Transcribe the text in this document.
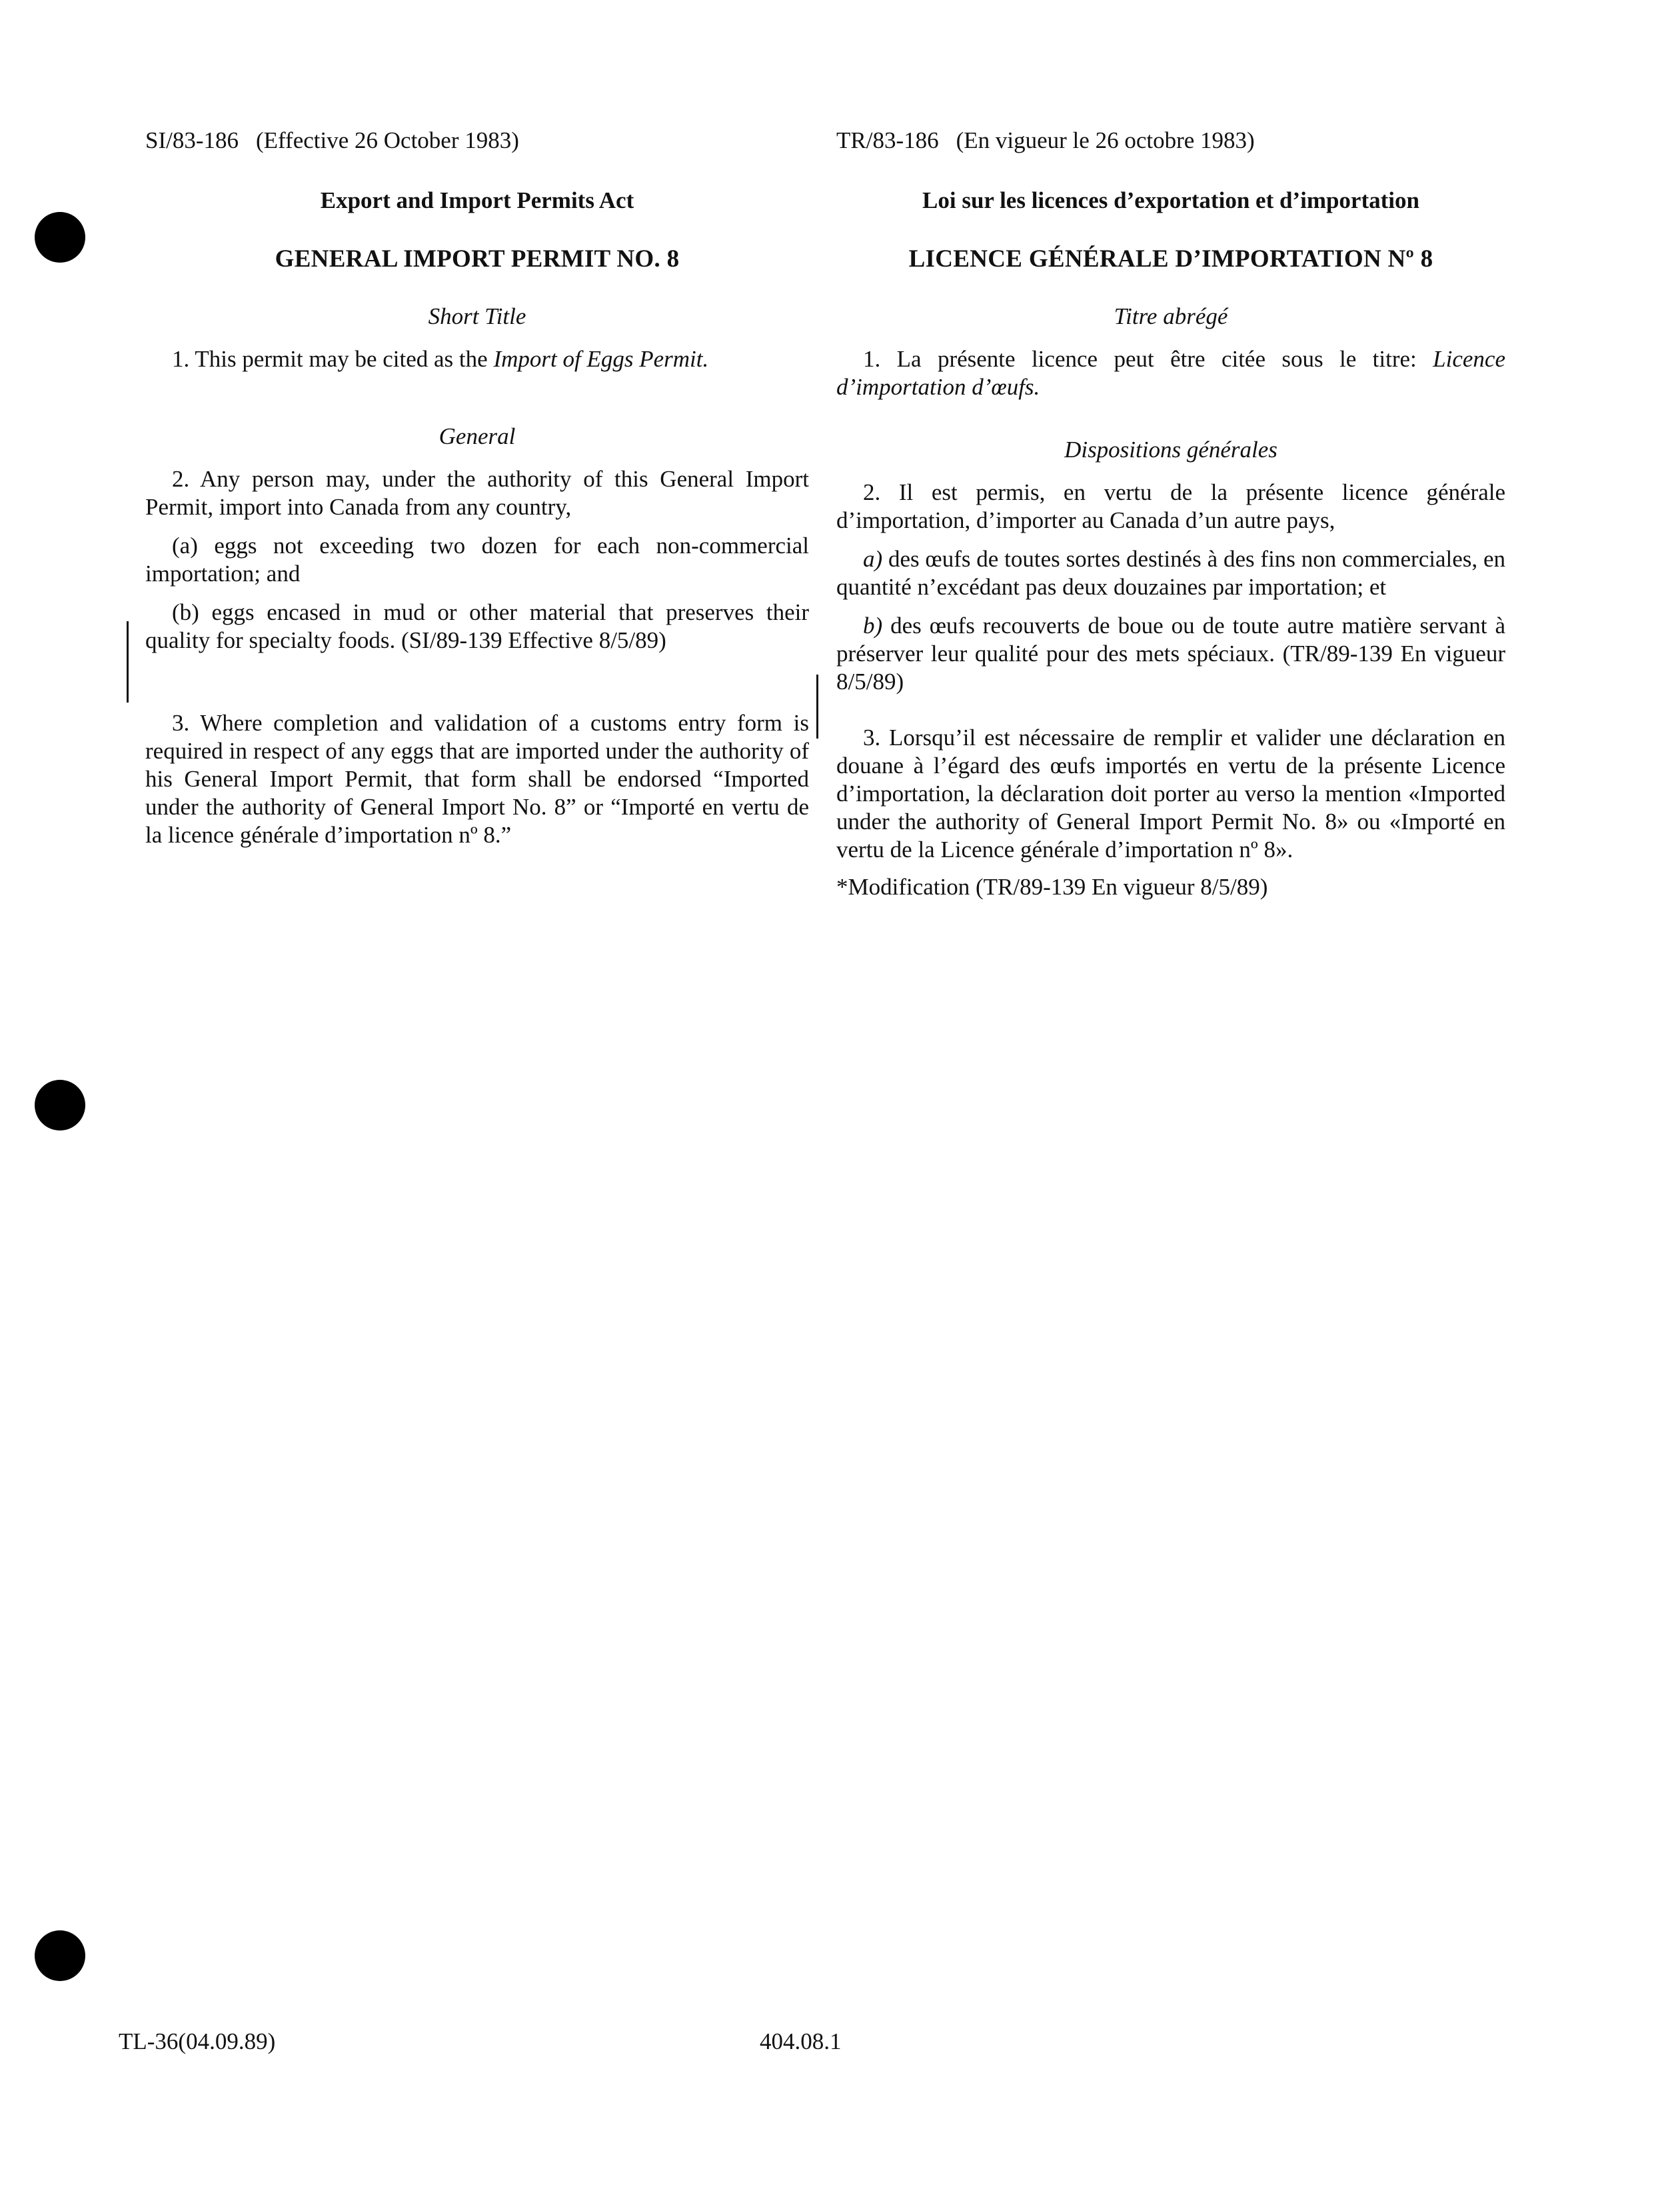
SI/83-186 (Effective 26 October 1983)
Export and Import Permits Act
GENERAL IMPORT PERMIT NO. 8
Short Title

1. This permit may be cited as the Import of Eggs Permit.

General

2. Any person may, under the authority of this General Import Permit, import into Canada from any country,

(a) eggs not exceeding two dozen for each non-commercial importation; and

(b) eggs encased in mud or other material that preserves their quality for specialty foods. (SI/89-139 Effective 8/5/89)

3. Where completion and validation of a customs entry form is required in respect of any eggs that are imported under the authority of his General Import Permit, that form shall be endorsed “Imported under the authority of General Import No. 8” or “Importé en vertu de la licence générale d’importation nº 8.”

TR/83-186 (En vigueur le 26 octobre 1983)
Loi sur les licences d’exportation et d’importation
LICENCE GÉNÉRALE D’IMPORTATION Nº 8
Titre abrégé

1. La présente licence peut être citée sous le titre: Licence d’importation d’œufs.

Dispositions générales

2. Il est permis, en vertu de la présente licence générale d’importation, d’importer au Canada d’un autre pays,

a) des œufs de toutes sortes destinés à des fins non commerciales, en quantité n’excédant pas deux douzaines par importation; et

b) des œufs recouverts de boue ou de toute autre matière servant à préserver leur qualité pour des mets spéciaux. (TR/89-139 En vigueur 8/5/89)

3. Lorsqu’il est nécessaire de remplir et valider une déclaration en douane à l’égard des œufs importés en vertu de la présente Licence d’importation, la déclaration doit porter au verso la mention «Imported under the authority of General Import Permit No. 8» ou «Importé en vertu de la Licence générale d’importation nº 8».

*Modification (TR/89-139 En vigueur 8/5/89)

TL-36(04.09.89)	404.08.1
